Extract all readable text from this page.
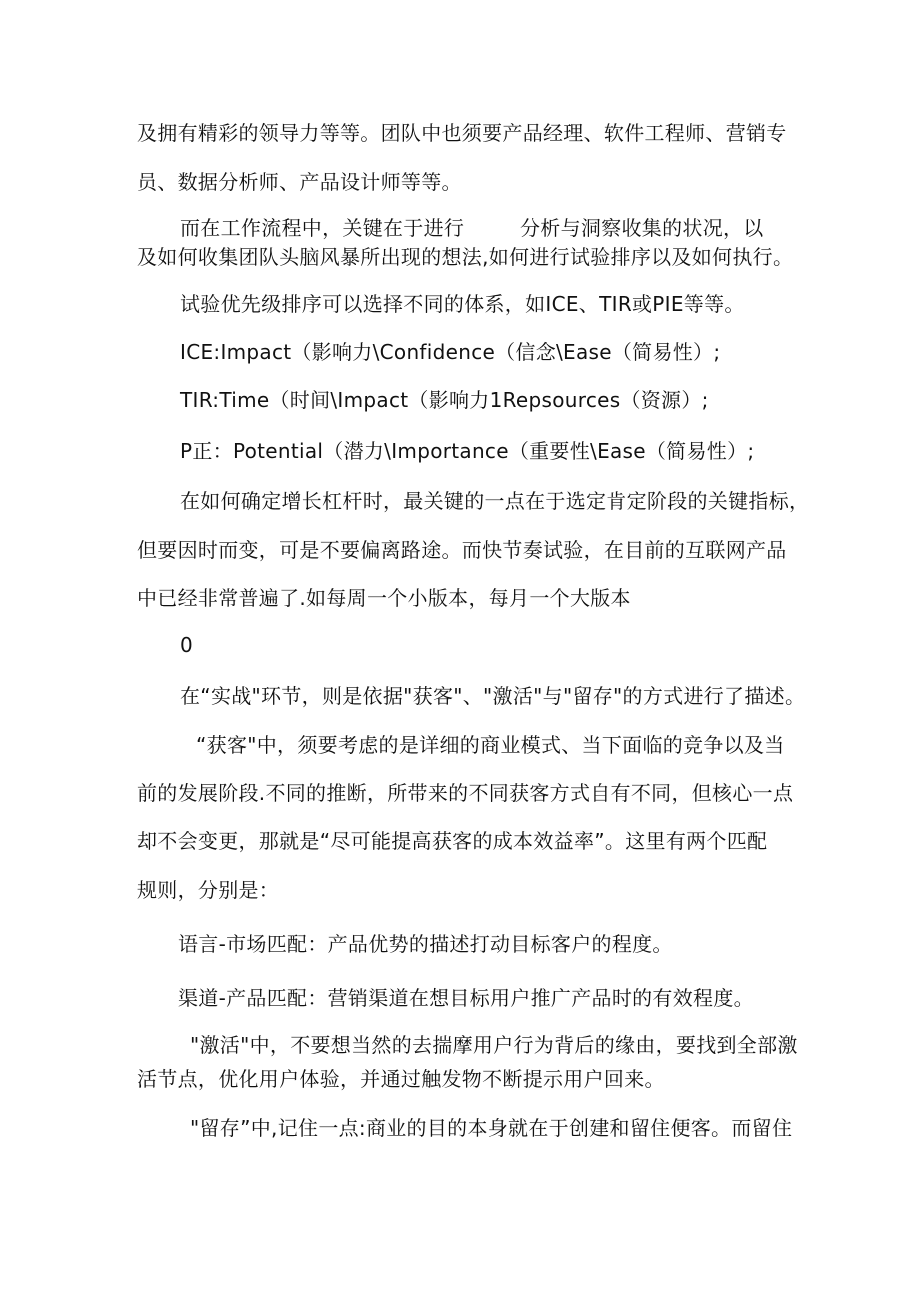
及拥有精彩的领导力等等。团队中也须要产品经理、软件工程师、营销专
员、数据分析师、产品设计师等等。
而在工作流程中，关键在于进行	分析与洞察收集的状况，以
及如何收集团队头脑风暴所出现的想法,如何进行试验排序以及如何执行。
试验优先级排序可以选择不同的体系，如ICE、TIR或PIE等等。
ICE:Impact（影响力\Confidence（信念\Ease（简易性）;
TIR:Time（时间\Impact（影响力1Repsources（资源）;
P正：Potential（潜力\Importance（重要性\Ease（简易性）;
在如何确定增长杠杆时，最关键的一点在于选定肯定阶段的关键指标，
但要因时而变，可是不要偏离路途。而快节奏试验，在目前的互联网产品
中已经非常普遍了.如每周一个小版本，每月一个大版本
0
在“实战"环节，则是依据"获客"、"激活"与"留存"的方式进行了描述。
“获客"中，须要考虑的是详细的商业模式、当下面临的竞争以及当
前的发展阶段.不同的推断，所带来的不同获客方式自有不同，但核心一点
却不会变更，那就是“尽可能提高获客的成本效益率”。这里有两个匹配
规则，分别是：
语言-市场匹配：产品优势的描述打动目标客户的程度。
渠道-产品匹配：营销渠道在想目标用户推广产品时的有效程度。
"激活"中，不要想当然的去揣摩用户行为背后的缘由，要找到全部激
活节点，优化用户体验，并通过触发物不断提示用户回来。
"留存”中,记住一点:商业的目的本身就在于创建和留住便客。而留住
